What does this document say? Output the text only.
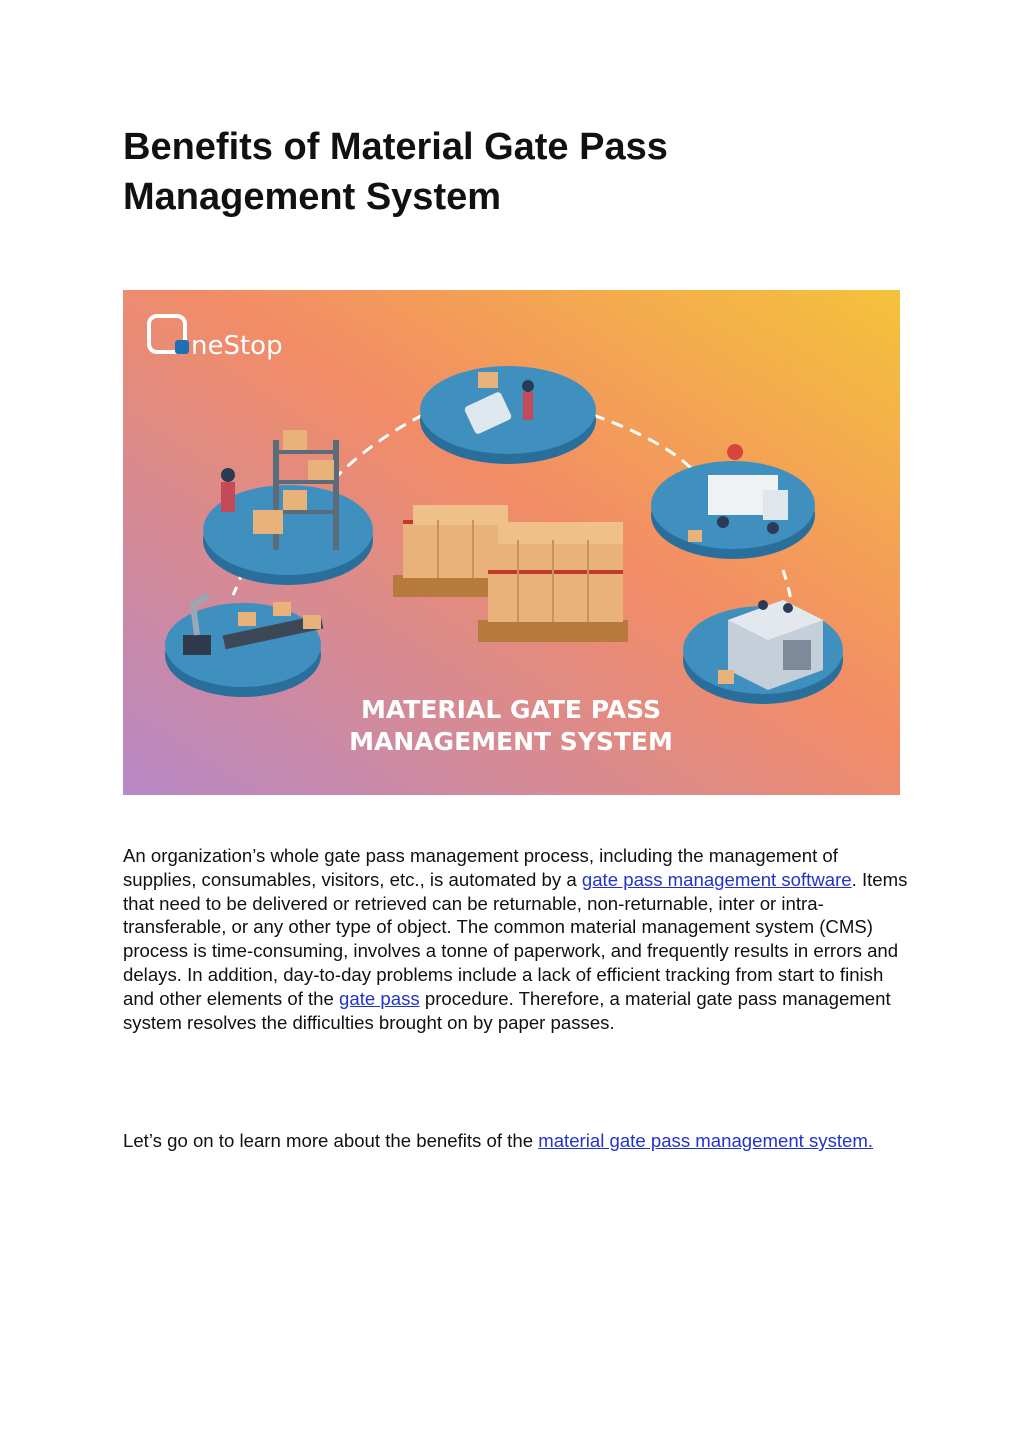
Benefits of Material Gate Pass Management System
neStop
MATERIAL GATE PASS
MANAGEMENT SYSTEM

An organization’s whole gate pass management process, including the management of supplies, consumables, visitors, etc., is automated by a gate pass management software. Items that need to be delivered or retrieved can be returnable, non-returnable, inter or intra-transferable, or any other type of object. The common material management system (CMS) process is time-consuming, involves a tonne of paperwork, and frequently results in errors and delays. In addition, day-to-day problems include a lack of efficient tracking from start to finish and other elements of the gate pass procedure. Therefore, a material gate pass management system resolves the difficulties brought on by paper passes.

Let’s go on to learn more about the benefits of the material gate pass management system.
